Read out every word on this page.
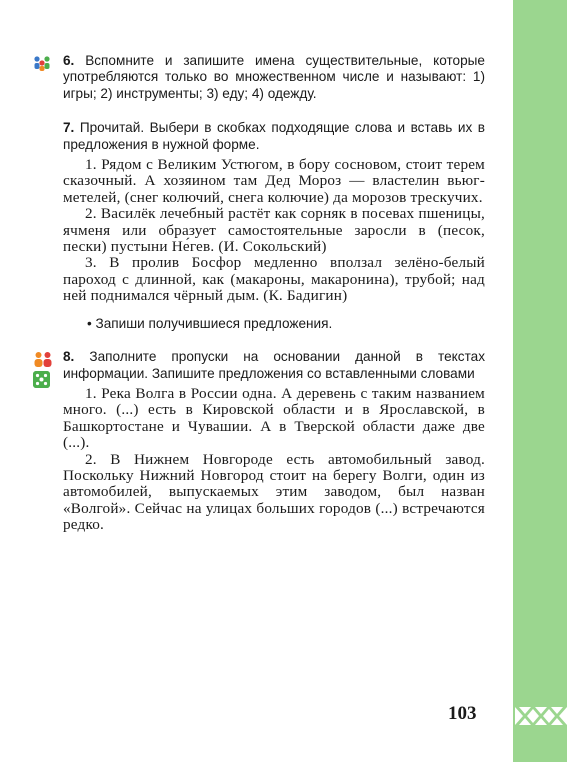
6. Вспомните и запишите имена существительные, которые употребляются только во множественном числе и называют: 1) игры; 2) инструменты; 3) еду; 4) одежду.

7. Прочитай. Выбери в скобках подходящие слова и вставь их в предложения в нужной форме.

1. Рядом с Великим Устюгом, в бору сосновом, стоит терем сказочный. А хозяином там Дед Мороз — властелин вьюг-метелей, (снег колючий, снега колючие) да морозов трескучих.

2. Василёк лечебный растёт как сорняк в посевах пшеницы, ячменя или образует самостоятельные заросли в (песок, пески) пустыни Не́гев. (И. Сокольский)

3. В пролив Босфор медленно вползал зелёно-белый пароход с длинной, как (макароны, макаронина), трубой; над ней поднимался чёрный дым. (К. Бадигин)

• Запиши получившиеся предложения.

8. Заполните пропуски на основании данной в текстах информации. Запишите предложения со вставленными словами

1. Река Волга в России одна. А деревень с таким названием много. (...) есть в Кировской области и в Ярославской, в Башкортостане и Чувашии. А в Тверской области даже две (...).

2. В Нижнем Новгороде есть автомобильный завод. Поскольку Нижний Новгород стоит на берегу Волги, один из автомобилей, выпускаемых этим заводом, был назван «Волгой». Сейчас на улицах больших городов (...) встречаются редко.

103
